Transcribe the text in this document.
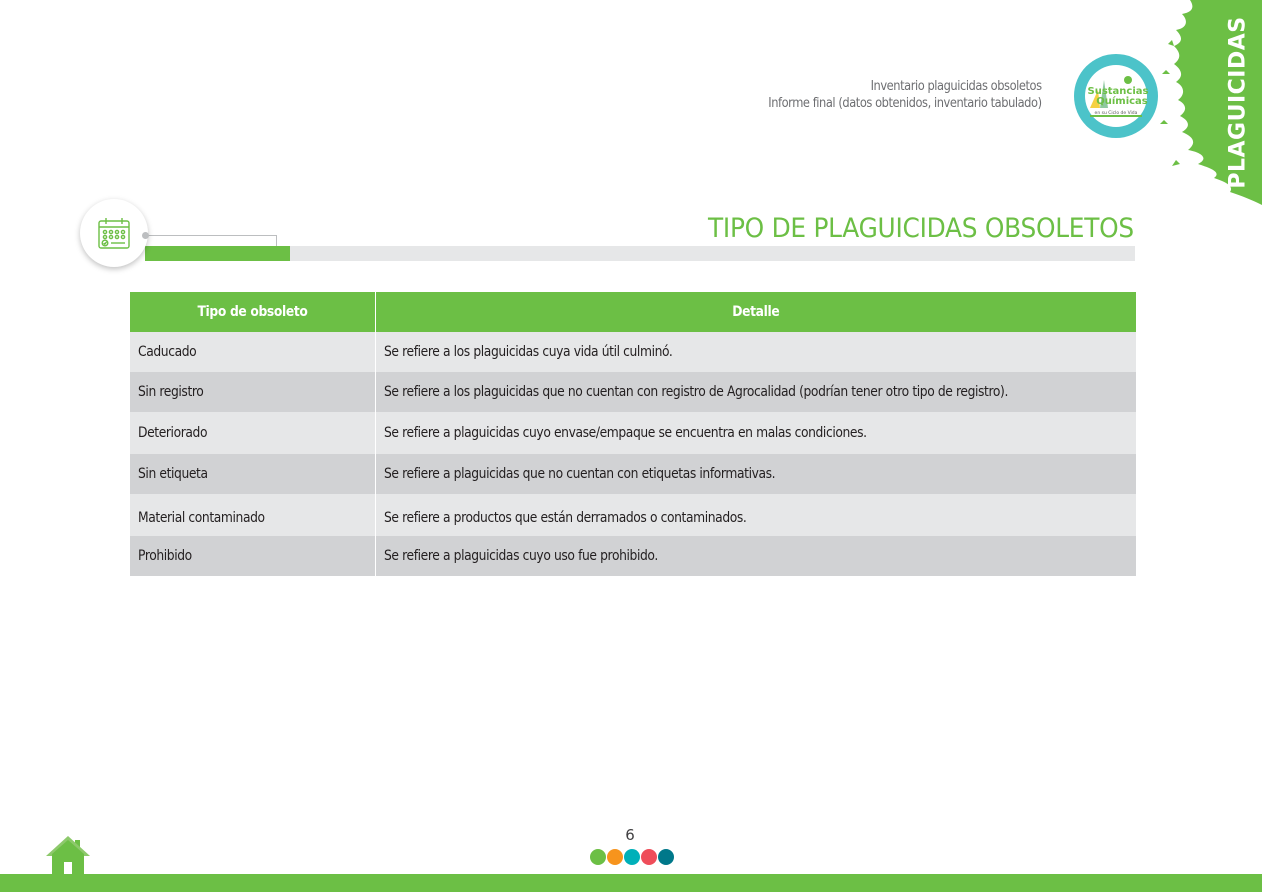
PLAGUICIDAS
Sustancias
Químicas
en su Ciclo de Vida
Inventario plaguicidas obsoletos
Informe final (datos obtenidos, inventario tabulado)
TIPO DE PLAGUICIDAS OBSOLETOS
Tipo de obsoleto	Detalle
Caducado	Se refiere a los plaguicidas cuya vida útil culminó.
Sin registro	Se refiere a los plaguicidas que no cuentan con registro de Agrocalidad (podrían tener otro tipo de registro).
Deteriorado	Se refiere a plaguicidas cuyo envase/empaque se encuentra en malas condiciones.
Sin etiqueta	Se refiere a plaguicidas que no cuentan con etiquetas informativas.
Material contaminado	Se refiere a productos que están derramados o contaminados.
Prohibido	Se refiere a plaguicidas cuyo uso fue prohibido.
6
